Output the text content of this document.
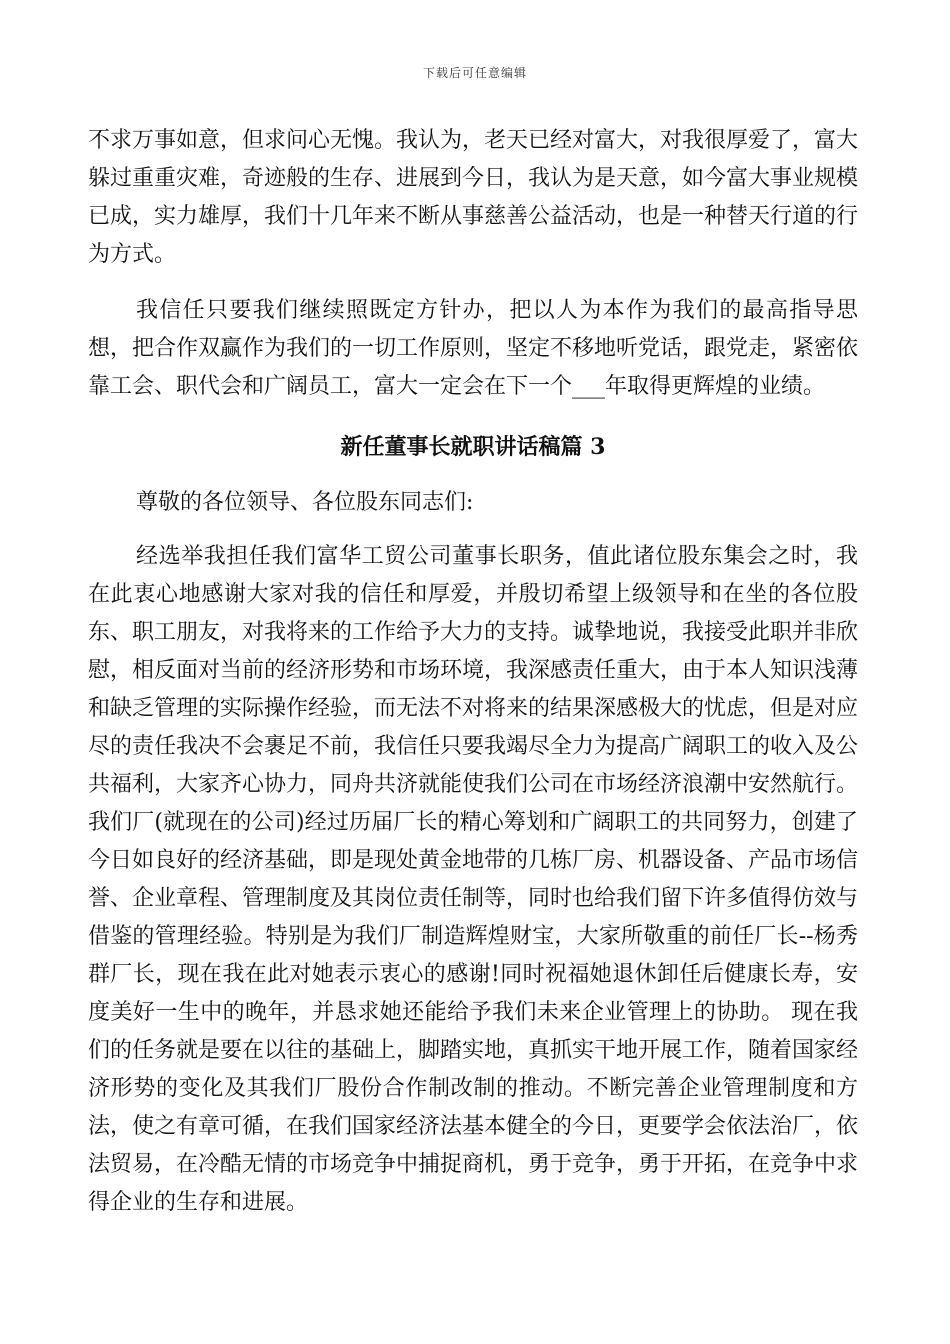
下载后可任意编辑

不求万事如意，但求问心无愧。我认为，老天已经对富大，对我很厚爱了，富大躲过重重灾难，奇迹般的生存、进展到今日，我认为是天意，如今富大事业规模已成，实力雄厚，我们十几年来不断从事慈善公益活动，也是一种替天行道的行为方式。

我信任只要我们继续照既定方针办，把以人为本作为我们的最高指导思想，把合作双赢作为我们的一切工作原则，坚定不移地听党话，跟党走，紧密依靠工会、职代会和广阔员工，富大一定会在下一个___年取得更辉煌的业绩。

新任董事长就职讲话稿篇 3

尊敬的各位领导、各位股东同志们:

经选举我担任我们富华工贸公司董事长职务，值此诸位股东集会之时，我在此衷心地感谢大家对我的信任和厚爱，并殷切希望上级领导和在坐的各位股东、职工朋友，对我将来的工作给予大力的支持。诚挚地说，我接受此职并非欣慰，相反面对当前的经济形势和市场环境，我深感责任重大，由于本人知识浅薄和缺乏管理的实际操作经验，而无法不对将来的结果深感极大的忧虑，但是对应尽的责任我决不会裹足不前，我信任只要我竭尽全力为提高广阔职工的收入及公共福利，大家齐心协力，同舟共济就能使我们公司在市场经济浪潮中安然航行。 我们厂(就现在的公司)经过历届厂长的精心筹划和广阔职工的共同努力，创建了今日如良好的经济基础，即是现处黄金地带的几栋厂房、机器设备、产品市场信誉、企业章程、管理制度及其岗位责任制等，同时也给我们留下许多值得仿效与借鉴的管理经验。特别是为我们厂制造辉煌财宝，大家所敬重的前任厂长--杨秀群厂长，现在我在此对她表示衷心的感谢!同时祝福她退休卸任后健康长寿，安度美好一生中的晚年，并恳求她还能给予我们未来企业管理上的协助。 现在我们的任务就是要在以往的基础上，脚踏实地，真抓实干地开展工作，随着国家经济形势的变化及其我们厂股份合作制改制的推动。不断完善企业管理制度和方法，使之有章可循，在我们国家经济法基本健全的今日，更要学会依法治厂，依法贸易，在冷酷无情的市场竞争中捕捉商机，勇于竞争，勇于开拓，在竞争中求得企业的生存和进展。
